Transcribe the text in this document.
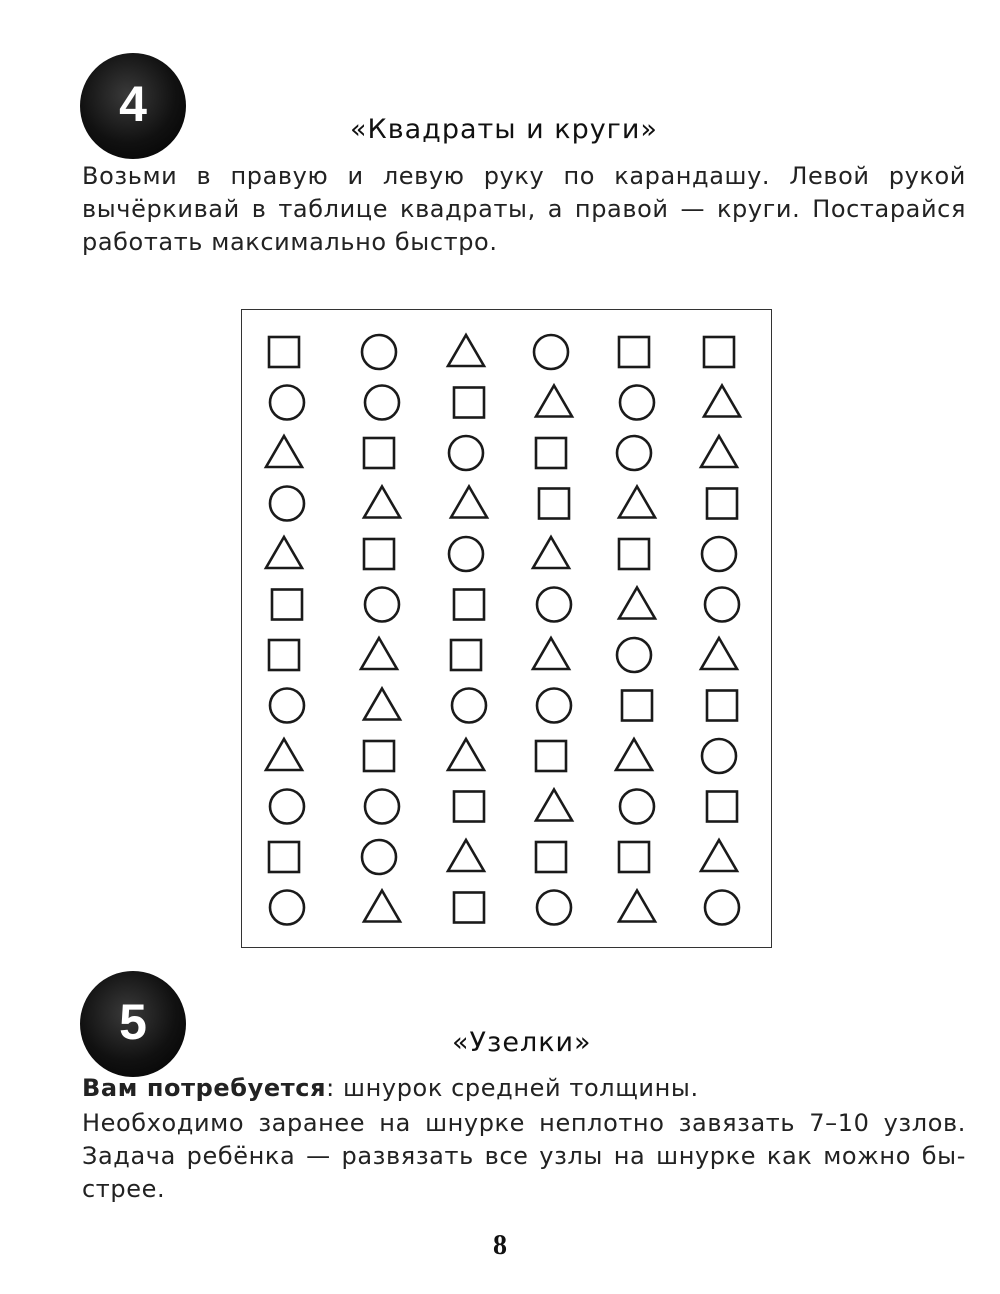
4	«Квадраты и круги»
Возьми в правую и левую руку по карандашу. Левой рукой
вычёркивай в таблице квадраты, а правой — круги. Постарайся
работать максимально быстро.
5	«Узелки»
Вам потребуется: шнурок средней толщины.
Необходимо заранее на шнурке неплотно завязать 7–10 узлов.
Задача ребёнка — развязать все узлы на шнурке как можно бы-
стрее.
8
